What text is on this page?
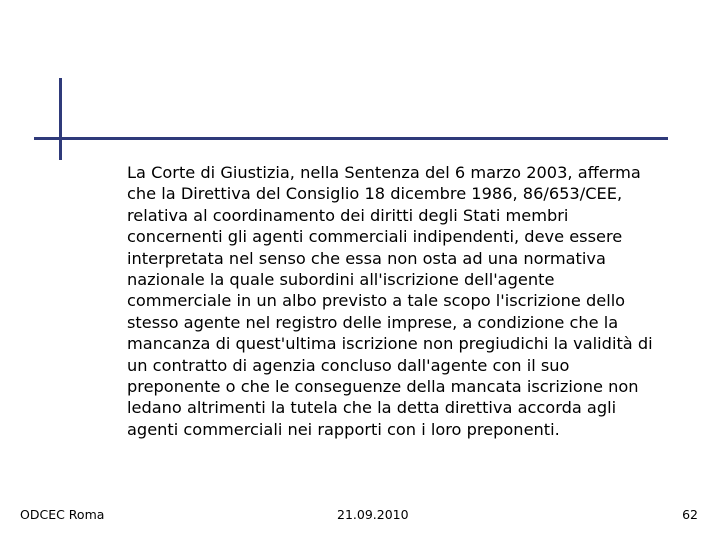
La Corte di Giustizia, nella Sentenza del 6 marzo 2003, afferma
che la Direttiva del Consiglio 18 dicembre 1986, 86/653/CEE,
relativa al coordinamento dei diritti degli Stati membri
concernenti gli agenti commerciali indipendenti, deve essere
interpretata nel senso che essa non osta ad una normativa
nazionale la quale subordini all'iscrizione dell'agente
commerciale in un albo previsto a tale scopo l'iscrizione dello
stesso agente nel registro delle imprese, a condizione che la
mancanza di quest'ultima iscrizione non pregiudichi la validità di
un contratto di agenzia concluso dall'agente con il suo
preponente o che le conseguenze della mancata iscrizione non
ledano altrimenti la tutela che la detta direttiva accorda agli
agenti commerciali nei rapporti con i loro preponenti.

ODCEC Roma	21.09.2010	62
